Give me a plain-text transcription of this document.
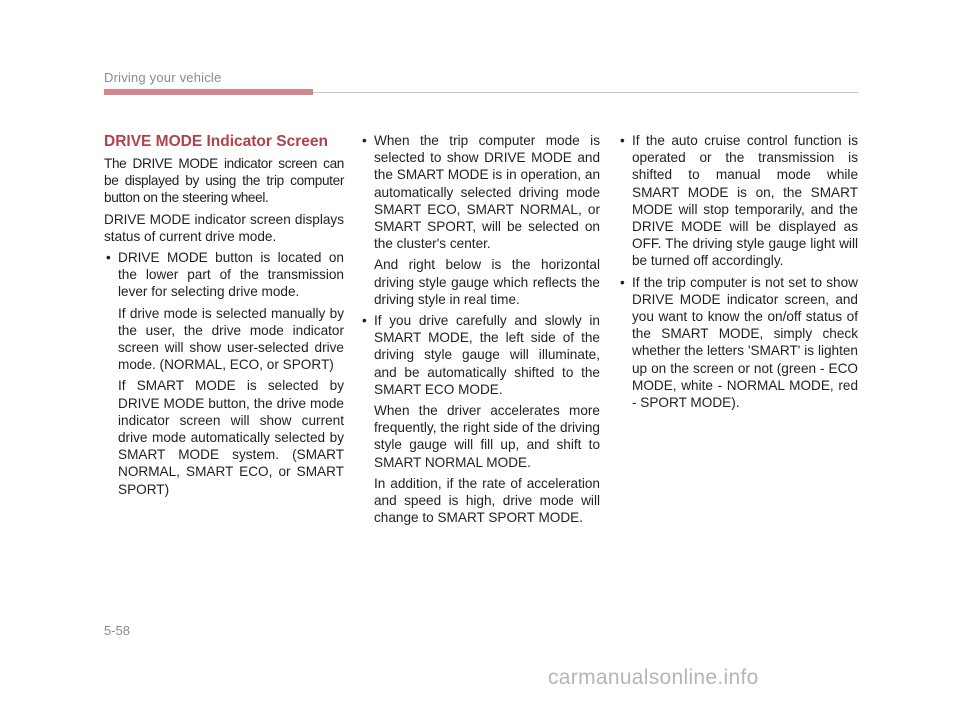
Driving your vehicle
DRIVE MODE Indicator Screen

The DRIVE MODE indicator screen can be displayed by using the trip computer button on the steering wheel.

DRIVE MODE indicator screen displays status of current drive mode.

• DRIVE MODE button is located on the lower part of the transmission lever for selecting drive mode.

If drive mode is selected manually by the user, the drive mode indicator screen will show user-selected drive mode. (NORMAL, ECO, or SPORT)

If SMART MODE is selected by DRIVE MODE button, the drive mode indicator screen will show current drive mode automatically selected by SMART MODE system. (SMART NORMAL, SMART ECO, or SMART SPORT)

• When the trip computer mode is selected to show DRIVE MODE and the SMART MODE is in operation, an automatically selected driving mode SMART ECO, SMART NORMAL, or SMART SPORT, will be selected on the cluster's center.

And right below is the horizontal driving style gauge which reflects the driving style in real time.

• If you drive carefully and slowly in SMART MODE, the left side of the driving style gauge will illuminate, and be automatically shifted to the SMART ECO MODE.

When the driver accelerates more frequently, the right side of the driving style gauge will fill up, and shift to SMART NORMAL MODE.

In addition, if the rate of acceleration and speed is high, drive mode will change to SMART SPORT MODE.

• If the auto cruise control function is operated or the transmission is shifted to manual mode while SMART MODE is on, the SMART MODE will stop temporarily, and the DRIVE MODE will be displayed as OFF. The driving style gauge light will be turned off accordingly.
• If the trip computer is not set to show DRIVE MODE indicator screen, and you want to know the on/off status of the SMART MODE, simply check whether the letters 'SMART' is lighten up on the screen or not (green - ECO MODE, white - NORMAL MODE, red - SPORT MODE).
5-58
carmanualsonline.info
